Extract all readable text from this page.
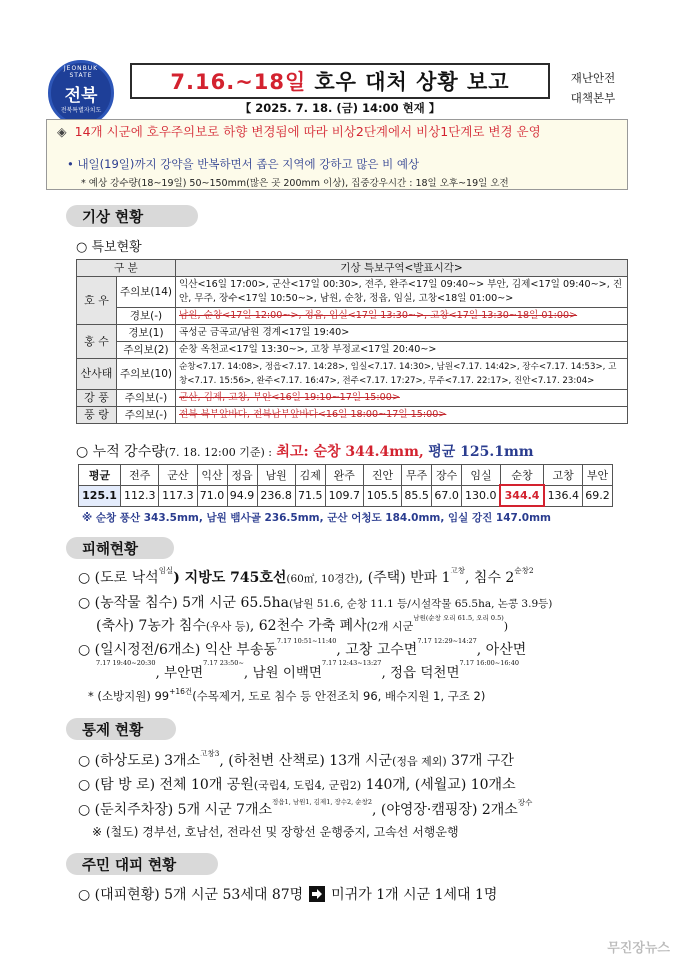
JEONBUK STATE
전북
전북특별자치도
7.16.~18일 호우 대처 상황 보고
【 2025. 7. 18. (금) 14:00 현재 】
재난안전
대책본부
◈ 14개 시군에 호우주의보로 하향 변경됨에 따라 비상2단계에서 비상1단계로 변경 운영
• 내일(19일)까지 강약을 반복하면서 좁은 지역에 강하고 많은 비 예상
* 예상 강수량(18~19일) 50~150mm(많은 곳 200mm 이상), 집중강우시간 : 18일 오후~19일 오전
기상 현황
○ 특보현황
구 분		기상 특보구역<발표시각>
호 우	주의보(14)	익산<16일 17:00>, 군산<17일 00:30>, 전주, 완주<17일 09:40~> 부안, 김제<17일 09:40~>, 진안, 무주, 장수<17일 10:50~>, 남원, 순창, 정읍, 임실, 고창<18일 01:00~>
	경보(-)	남원, 순창<17일 12:00~>, 정읍, 임실<17일 13:30~>, 고창<17일 13:30~18일 01:00>
홍 수	경보(1)	곡성군 금곡교/남원 경계<17일 19:40>
	주의보(2)	순창 옥천교<17일 13:30~>, 고창 부정교<17일 20:40~>
산사태	주의보(10)	순창<7.17. 14:08>, 정읍<7.17. 14:28>, 임실<7.17. 14:30>, 남원<7.17. 14:42>, 장수<7.17. 14:53>, 고창<7.17. 15:56>, 완주<7.17. 16:47>, 전주<7.17. 17:27>, 무주<7.17. 22:17>, 진안<7.17. 23:04>
강 풍	주의보(-)	군산, 김제, 고창, 부안<16일 19:10~17일 15:00>
풍 랑	주의보(-)	전북 북부앞바다, 전북남부앞바다<16일 18:00~17일 15:00>
○ 누적 강수량(7. 18. 12:00 기준) : 최고: 순창 344.4mm, 평균 125.1mm
평균	전주	군산	익산	정읍	남원	김제	완주	진안	무주	장수	임실	순창	고창	부안
125.1	112.3	117.3	71.0	94.9	236.8	71.5	109.7	105.5	85.5	67.0	130.0	344.4	136.4	69.2
※ 순창 풍산 343.5mm, 남원 뱀사골 236.5mm, 군산 어청도 184.0mm, 임실 강진 147.0mm
피해현황
○ (도로 낙석$^{임실}$) 지방도 745호선(60㎡, 10경간), (주택) 반파 $1^{고창}$, 침수 $2^{순창2}$
○ (농작물 침수) 5개 시군 65.5ha(남원 51.6, 순창 11.1 등/시설작물 65.5ha, 논콩 3.9등)
(축사) 7농가 침수(우사 등), 62천수 가축 폐사(2개 시군$^{남원(순창 오리 61.5, 오리 0.5)}$)
○ (일시정전/6개소) 익산 부송동$^{7.17 10:51\sim 11:40}$, 고창 고수면$^{7.17 12:29\sim 14:27}$, 아산면
$^{7.17 19:40\sim 20:30}$, 부안면$^{7.17 23:50\sim}$, 남원 이백면$^{7.17 12:43\sim 13:27}$, 정읍 덕천면$^{7.17 16:00\sim 16:40}$
* (소방지원) $99^{+16건}$(수목제거, 도로 침수 등 안전조치 96, 배수지원 1, 구조 2)
통제 현황
○ (하상도로) 3개소$^{고창3}$, (하천변 산책로) 13개 시군(정읍 제외) 37개 구간
○ (탐 방 로) 전체 10개 공원(국립4, 도립4, 군립2) 140개, (세월교) 10개소
○ (둔치주차장) 5개 시군 7개소$^{정읍1, 남원1, 김제1, 장수2, 순창2}$, (야영장·캠핑장) 2개소$^{장수}$
※ (철도) 경부선, 호남선, 전라선 및 장항선 운행중지, 고속선 서행운행
주민 대피 현황
○ (대피현황) 5개 시군 53세대 87명 미귀가 1개 시군 1세대 1명
무진장뉴스
